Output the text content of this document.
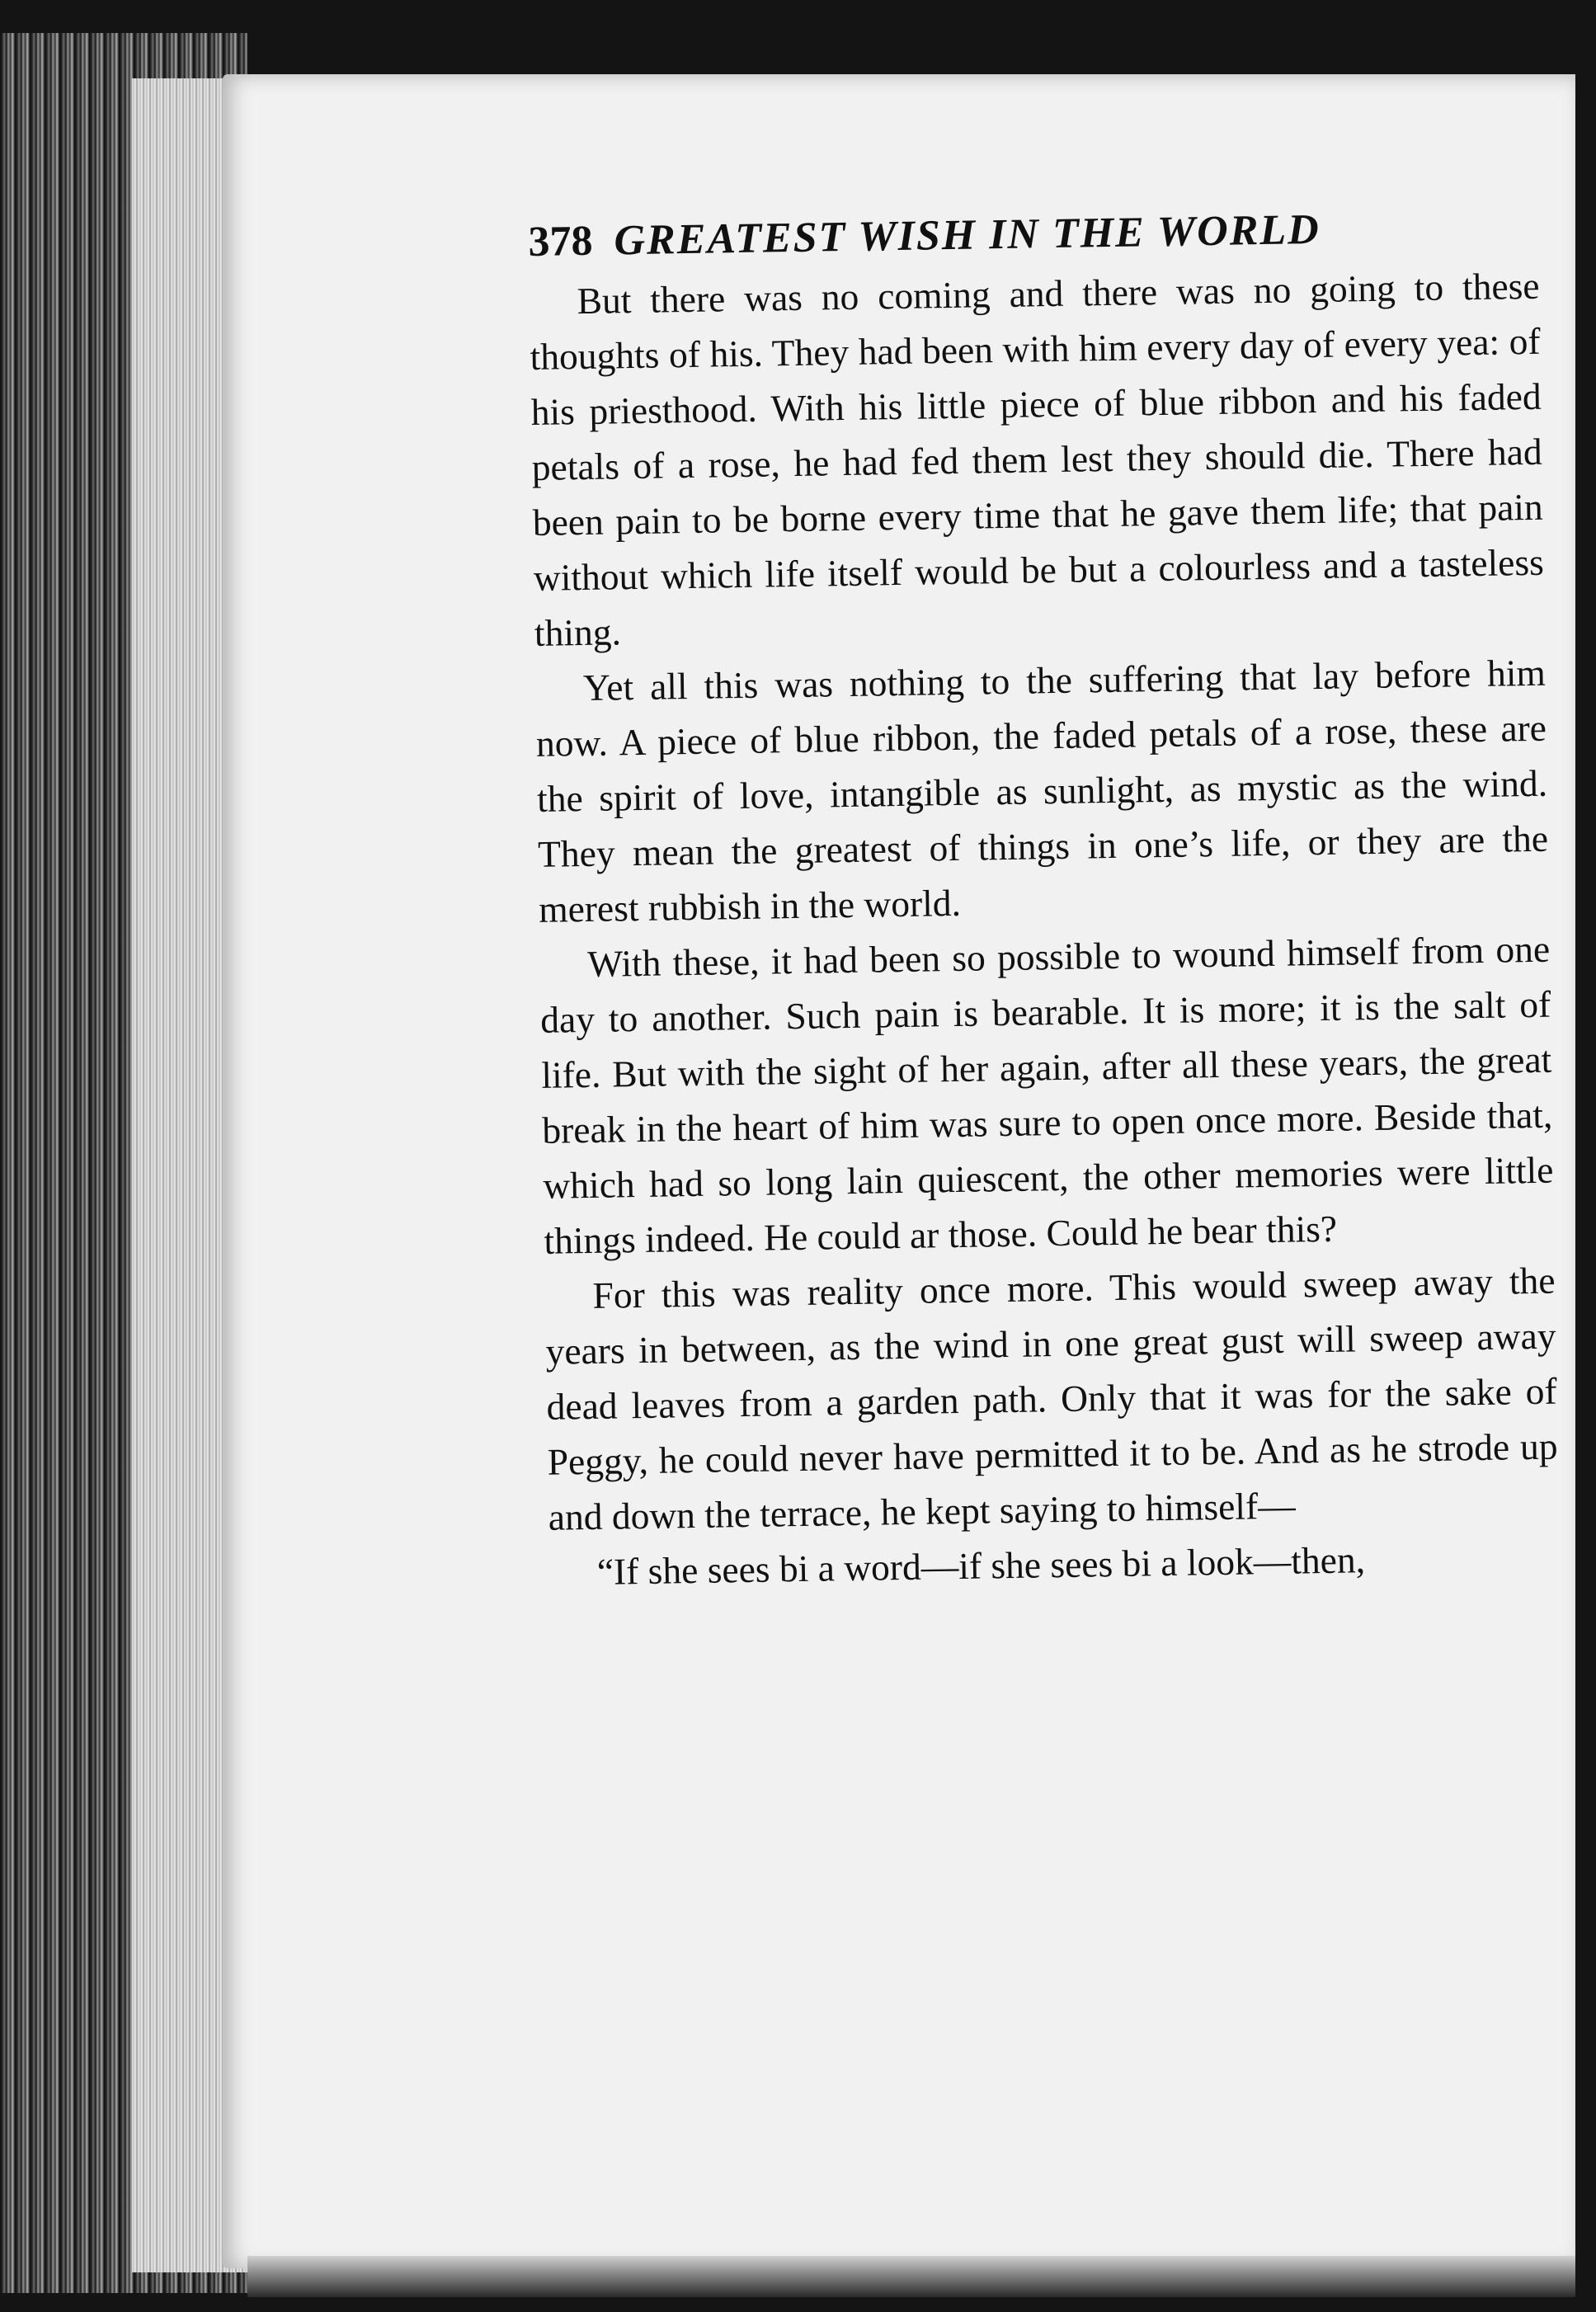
378 GREATEST WISH IN THE WORLD

But there was no coming and there was no going to these thoughts of his. They had been with him every day of every yea: of his priesthood. With his little piece of blue ribbon and his faded petals of a rose, he had fed them lest they should die. There had been pain to be borne every time that he gave them life; that pain without which life itself would be but a colourless and a tasteless thing.

Yet all this was nothing to the suffering that lay before him now. A piece of blue ribbon, the faded petals of a rose, these are the spirit of love, intangible as sunlight, as mystic as the wind. They mean the greatest of things in one’s life, or they are the merest rubbish in the world.

With these, it had been so possible to wound himself from one day to another. Such pain is bearable. It is more; it is the salt of life. But with the sight of her again, after all these years, the great break in the heart of him was sure to open once more. Beside that, which had so long lain quiescent, the other memories were little things indeed. He could ar those. Could he bear this?

For this was reality once more. This would sweep away the years in between, as the wind in one great gust will sweep away dead leaves from a garden path. Only that it was for the sake of Peggy, he could never have permitted it to be. And as he strode up and down the terrace, he kept saying to himself—

“If she sees bi a word—if she sees bi a look—then,
